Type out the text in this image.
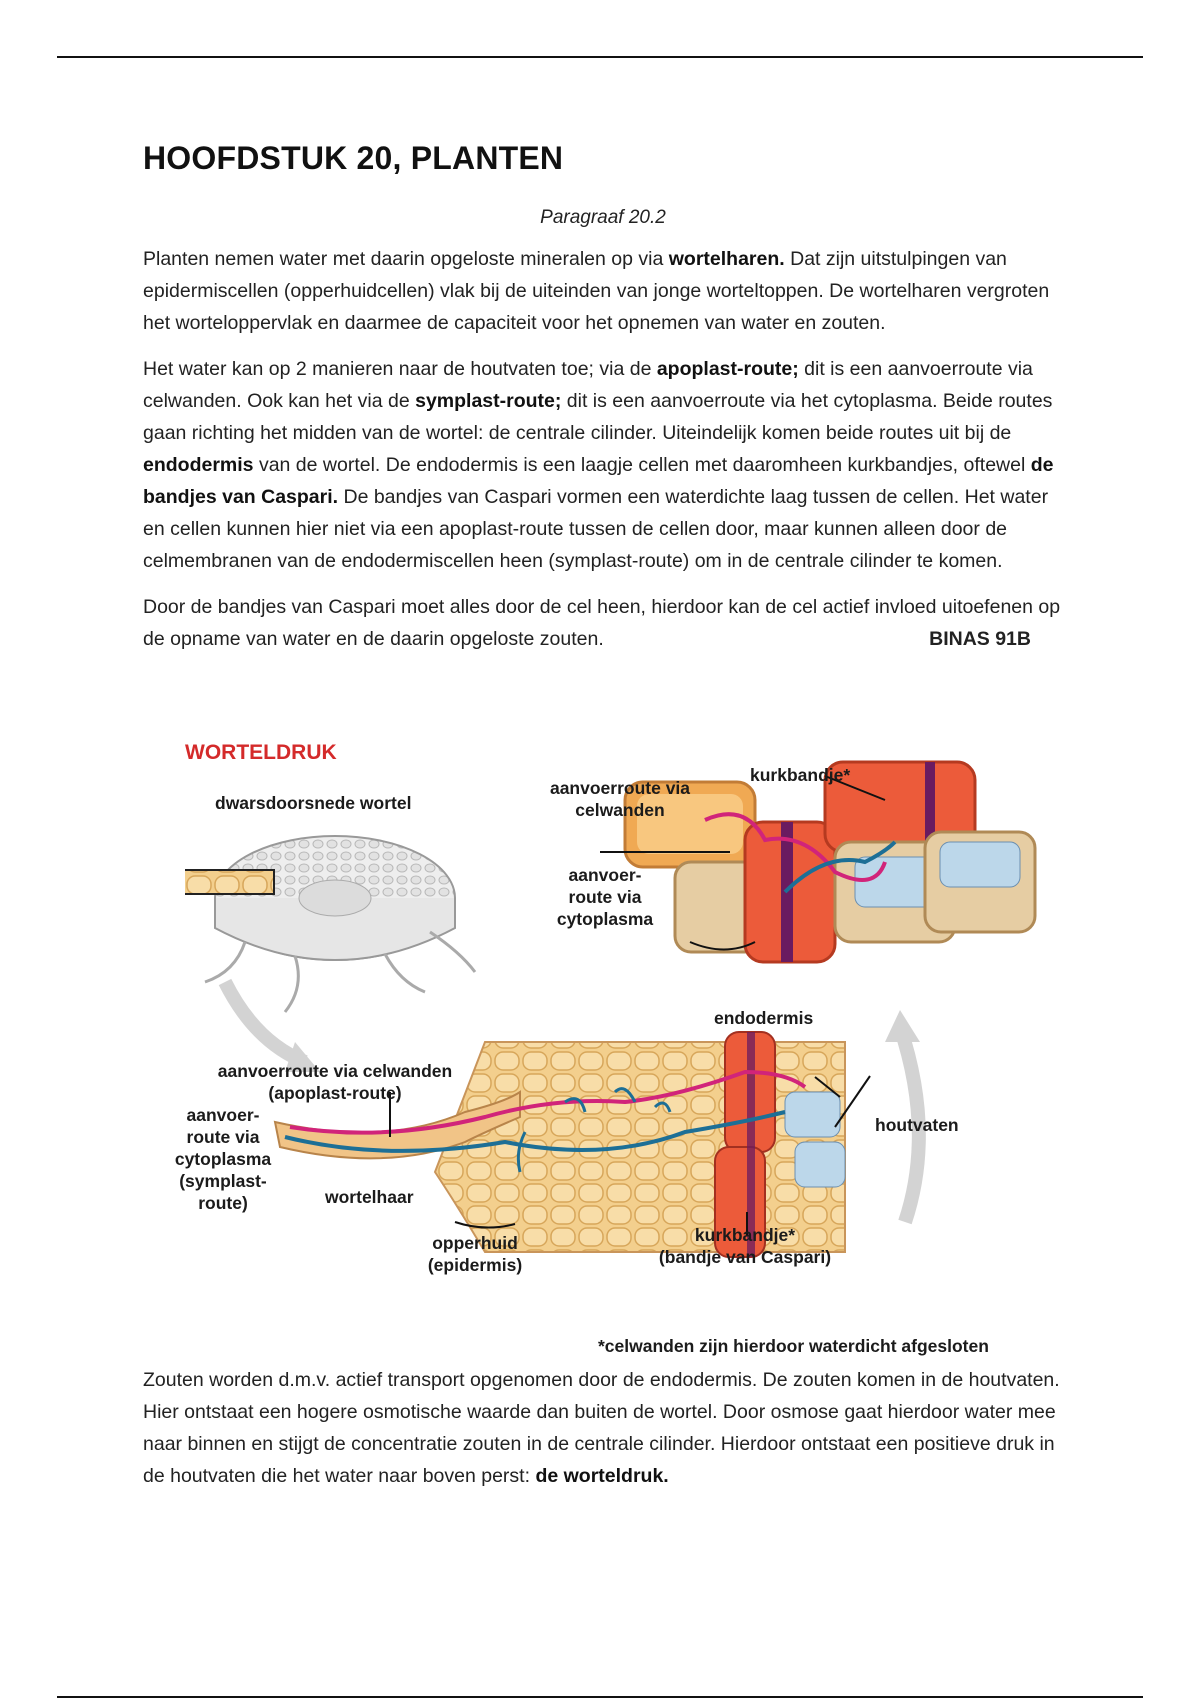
HOOFDSTUK 20, PLANTEN
Paragraaf 20.2

Planten nemen water met daarin opgeloste mineralen op via wortelharen. Dat zijn uitstulpingen van epidermiscellen (opperhuidcellen) vlak bij de uiteinden van jonge worteltoppen. De wortelharen vergroten het worteloppervlak en daarmee de capaciteit voor het opnemen van water en zouten.

Het water kan op 2 manieren naar de houtvaten toe; via de apoplast-route; dit is een aanvoerroute via celwanden. Ook kan het via de symplast-route; dit is een aanvoerroute via het cytoplasma. Beide routes gaan richting het midden van de wortel: de centrale cilinder. Uiteindelijk komen beide routes uit bij de endodermis van de wortel. De endodermis is een laagje cellen met daaromheen kurkbandjes, oftewel de bandjes van Caspari. De bandjes van Caspari vormen een waterdichte laag tussen de cellen. Het water en cellen kunnen hier niet via een apoplast-route tussen de cellen door, maar kunnen alleen door de celmembranen van de endodermiscellen heen (symplast-route) om in de centrale cilinder te komen.

Door de bandjes van Caspari moet alles door de cel heen, hierdoor kan de cel actief invloed uitoefenen op de opname van water en de daarin opgeloste zouten.	BINAS 91B

WORTELDRUK
dwarsdoorsnede wortel
aanvoerroute via celwanden
kurkbandje*
aanvoer-
route via
cytoplasma
endodermis
aanvoerroute via celwanden
(apoplast-route)
aanvoer-
route via
cytoplasma
(symplast-
route)	wortelhaar
houtvaten
opperhuid
(epidermis)
kurkbandje*
(bandje van Caspari)
*celwanden zijn hierdoor waterdicht afgesloten

Zouten worden d.m.v. actief transport opgenomen door de endodermis. De zouten komen in de houtvaten. Hier ontstaat een hogere osmotische waarde dan buiten de wortel. Door osmose gaat hierdoor water mee naar binnen en stijgt de concentratie zouten in de centrale cilinder. Hierdoor ontstaat een positieve druk in de houtvaten die het water naar boven perst: de worteldruk.
